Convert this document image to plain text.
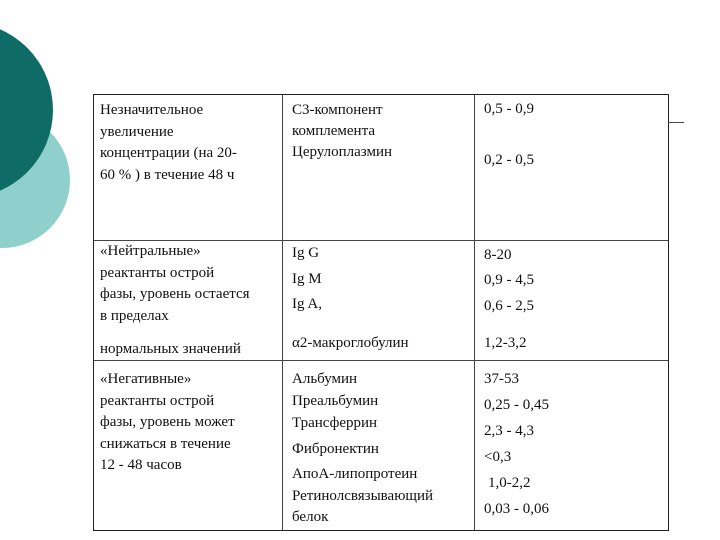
Незначительное
увеличение
концентрации (на 20-
60 % ) в течение 48 ч
С3-компонент
комплемента
Церулоплазмин
0,5 - 0,9
0,2 - 0,5
«Нейтральные»
реактанты острой
фазы, уровень остается
в пределах
нормальных значений
Ig G
Ig M
Ig A,
α2-макроглобулин
8-20
0,9 - 4,5
0,6 - 2,5
1,2-3,2
«Негативные»
реактанты острой
фазы, уровень может
снижаться в течение
12 - 48 часов
Альбумин
Преальбумин
Трансферрин
Фибронектин
АпоА-липопротеин
Ретинолсвязывающий
белок
37-53
0,25 - 0,45
2,3 - 4,3
<0,3
1,0-2,2
0,03 - 0,06
